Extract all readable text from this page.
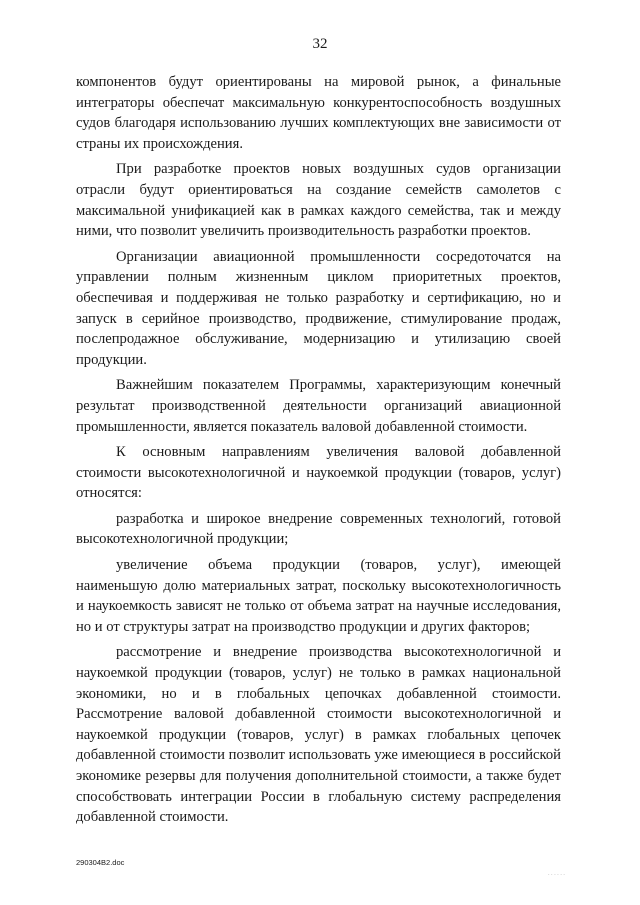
32

компонентов будут ориентированы на мировой рынок, а финальные интеграторы обеспечат максимальную конкурентоспособность воздушных судов благодаря использованию лучших комплектующих вне зависимости от страны их происхождения.

При разработке проектов новых воздушных судов организации отрасли будут ориентироваться на создание семейств самолетов с максимальной унификацией как в рамках каждого семейства, так и между ними, что позволит увеличить производительность разработки проектов.

Организации авиационной промышленности сосредоточатся на управлении полным жизненным циклом приоритетных проектов, обеспечивая и поддерживая не только разработку и сертификацию, но и запуск в серийное производство, продвижение, стимулирование продаж, послепродажное обслуживание, модернизацию и утилизацию своей продукции.

Важнейшим показателем Программы, характеризующим конечный результат производственной деятельности организаций авиационной промышленности, является показатель валовой добавленной стоимости.

К основным направлениям увеличения валовой добавленной стоимости высокотехнологичной и наукоемкой продукции (товаров, услуг) относятся:

разработка и широкое внедрение современных технологий, готовой высокотехнологичной продукции;

увеличение объема продукции (товаров, услуг), имеющей наименьшую долю материальных затрат, поскольку высокотехнологичность и наукоемкость зависят не только от объема затрат на научные исследования, но и от структуры затрат на производство продукции и других факторов;

рассмотрение и внедрение производства высокотехнологичной и наукоемкой продукции (товаров, услуг) не только в рамках национальной экономики, но и в глобальных цепочках добавленной стоимости. Рассмотрение валовой добавленной стоимости высокотехнологичной и наукоемкой продукции (товаров, услуг) в рамках глобальных цепочек добавленной стоимости позволит использовать уже имеющиеся в российской экономике резервы для получения дополнительной стоимости, а также будет способствовать интеграции России в глобальную систему распределения добавленной стоимости.

290304В2.doc
· · · · · ·
